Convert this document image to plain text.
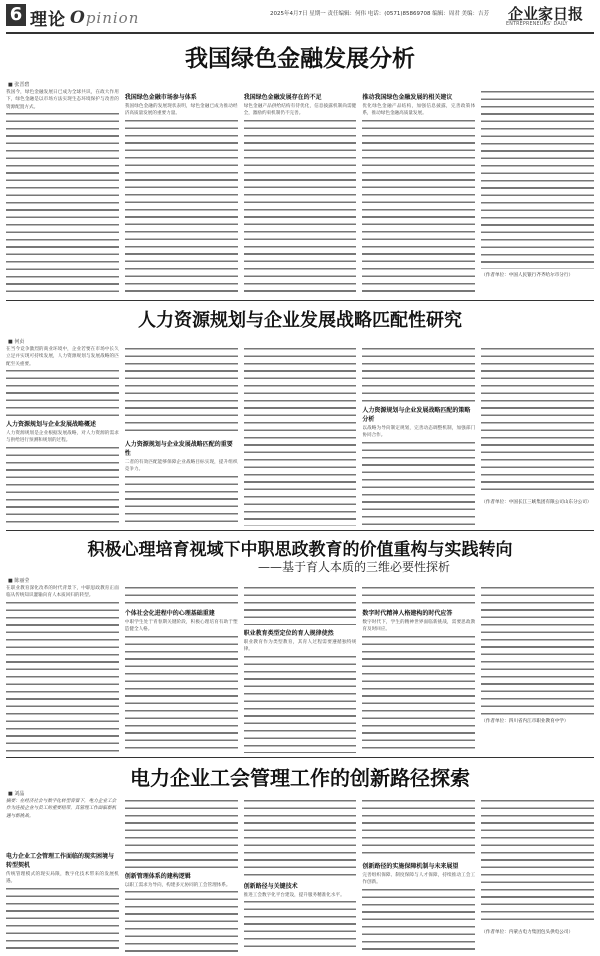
6 理论 Opinion	2025年4月7日 星期一 责任编辑：何伟 电话：(0571)85869708 编辑：周君 美编：吉芳 企业家日报
ENTREPRENEURS' DAILY
我国绿色金融发展分析
■ 张晋碧
我国今，绿色金融发展日已成为全球共识，在政大作用下，绿色金融是以市场方法实现生态环境保护与改善的资源配置方式。
我国绿色金融市场参与体系
我国绿色金融的发展现状表明，绿色金融已成为推动经济高质量发展的重要力量。
我国绿色金融发展存在的不足
绿色金融产品供给结构有待优化，信息披露机制尚需健全，激励约束机制仍不完善。
推动我国绿色金融发展的相关建议
优化绿色金融产品结构，加强信息披露，完善政策体系，推动绿色金融高质量发展。
（作者单位：中国人民银行齐齐哈尔市分行）
人力资源规划与企业发展战略匹配性研究
■ 何贞
在当今竞争激烈的商业环境中，企业若要在市场中长久立足并实现可持续发展，人力资源规划与发展战略的匹配至关重要。
人力资源规划与企业发展战略概述
人力资源规划是企业根据发展战略，对人力资源的需求与供给进行预测和规划的过程。
人力资源规划与企业发展战略匹配的重要性
二者的有效匹配能够保障企业战略目标实现，提升组织竞争力。
人力资源规划与企业发展战略匹配的策略分析
以战略为导向制定规划，完善动态调整机制，加强部门协同合作。
（作者单位：中国长江三峡集团有限公司山东分公司）
积极心理培育视域下中职思政教育的价值重构与实践转向
——基于育人本质的三维必要性探析
■ 陈丽莹
在职业教育深化改革的时代背景下，中职思政教育正面临从传统知识灌输向育人本质回归的转型。
个体社会化进程中的心理基础重建
中职学生处于青春期关键阶段，积极心理培育有助于塑造健全人格。
职业教育类型定位的育人规律使然
职业教育作为类型教育，其育人过程需要遵循独特规律。
数字时代精神人格建构的时代应答
数字时代下，学生的精神世界面临新挑战，需要思政教育及时回应。
（作者单位：四川省内江市职业教育中学）
电力企业工会管理工作的创新路径探索
■ 刘晶
摘要：在经济社会与数字化转型背景下，电力企业工会作为连接企业与员工的重要纽带，其管理工作面临新机遇与新挑战。
电力企业工会管理工作面临的现实困境与转型契机
传统管理模式的现实局限，数字化技术带来的发展机遇。
创新管理体系的建构逻辑
以职工需求为导向，构建多元协同的工会管理体系。	创新路径与关键技术
推进工会数字化平台建设，提升服务精准化水平。
创新路径的实施保障机制与未来展望
完善组织保障、制度保障与人才保障，持续推动工会工作创新。
（作者单位：内蒙古电力集团包头供电公司）
